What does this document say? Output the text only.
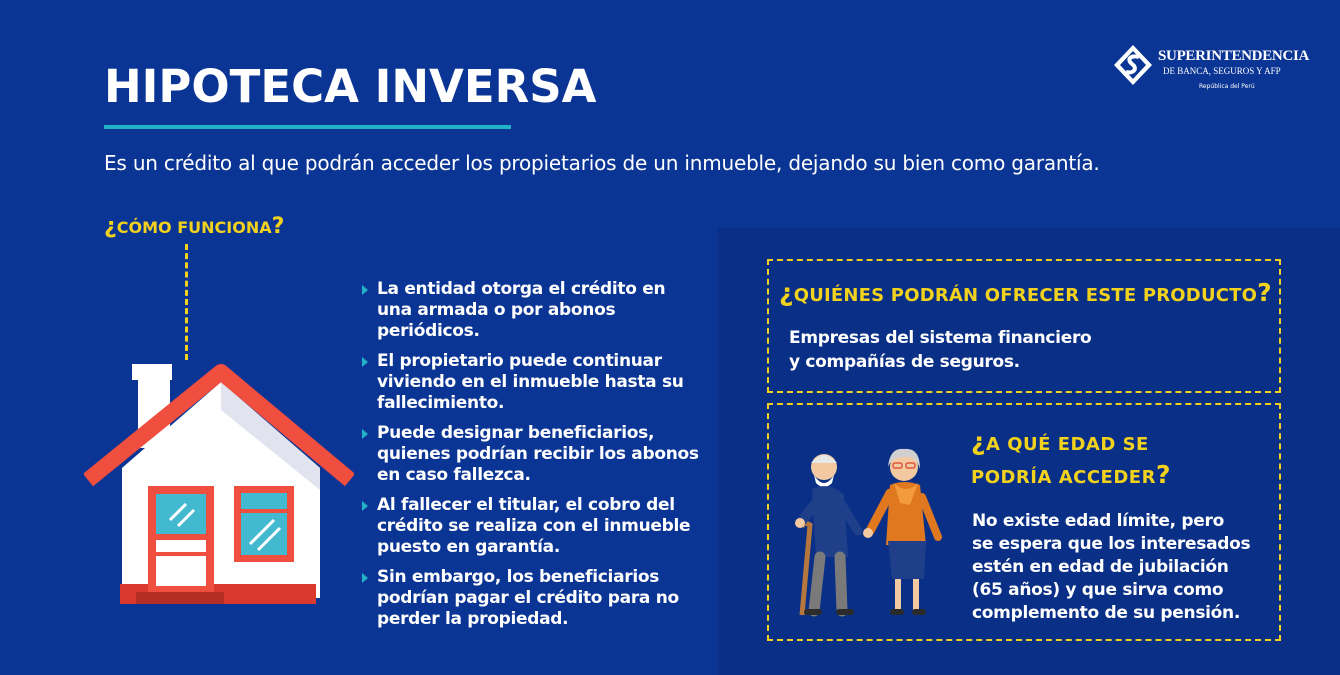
HIPOTECA INVERSA
Es un crédito al que podrán acceder los propietarios de un inmueble, dejando su bien como garantía.
SUPERINTENDENCIA
DE BANCA, SEGUROS Y AFP
República del Perú
¿CÓMO FUNCIONA?
La entidad otorga el crédito en una armada o por abonos periódicos.
El propietario puede continuar viviendo en el inmueble hasta su fallecimiento.
Puede designar beneficiarios, quienes podrían recibir los abonos en caso fallezca.
Al fallecer el titular, el cobro del crédito se realiza con el inmueble puesto en garantía.
Sin embargo, los beneficiarios podrían pagar el crédito para no perder la propiedad.
¿QUIÉNES PODRÁN OFRECER ESTE PRODUCTO?
Empresas del sistema financiero
y compañías de seguros.
¿A QUÉ EDAD SE
PODRÍA ACCEDER?
No existe edad límite, pero
se espera que los interesados
estén en edad de jubilación
(65 años) y que sirva como
complemento de su pensión.
